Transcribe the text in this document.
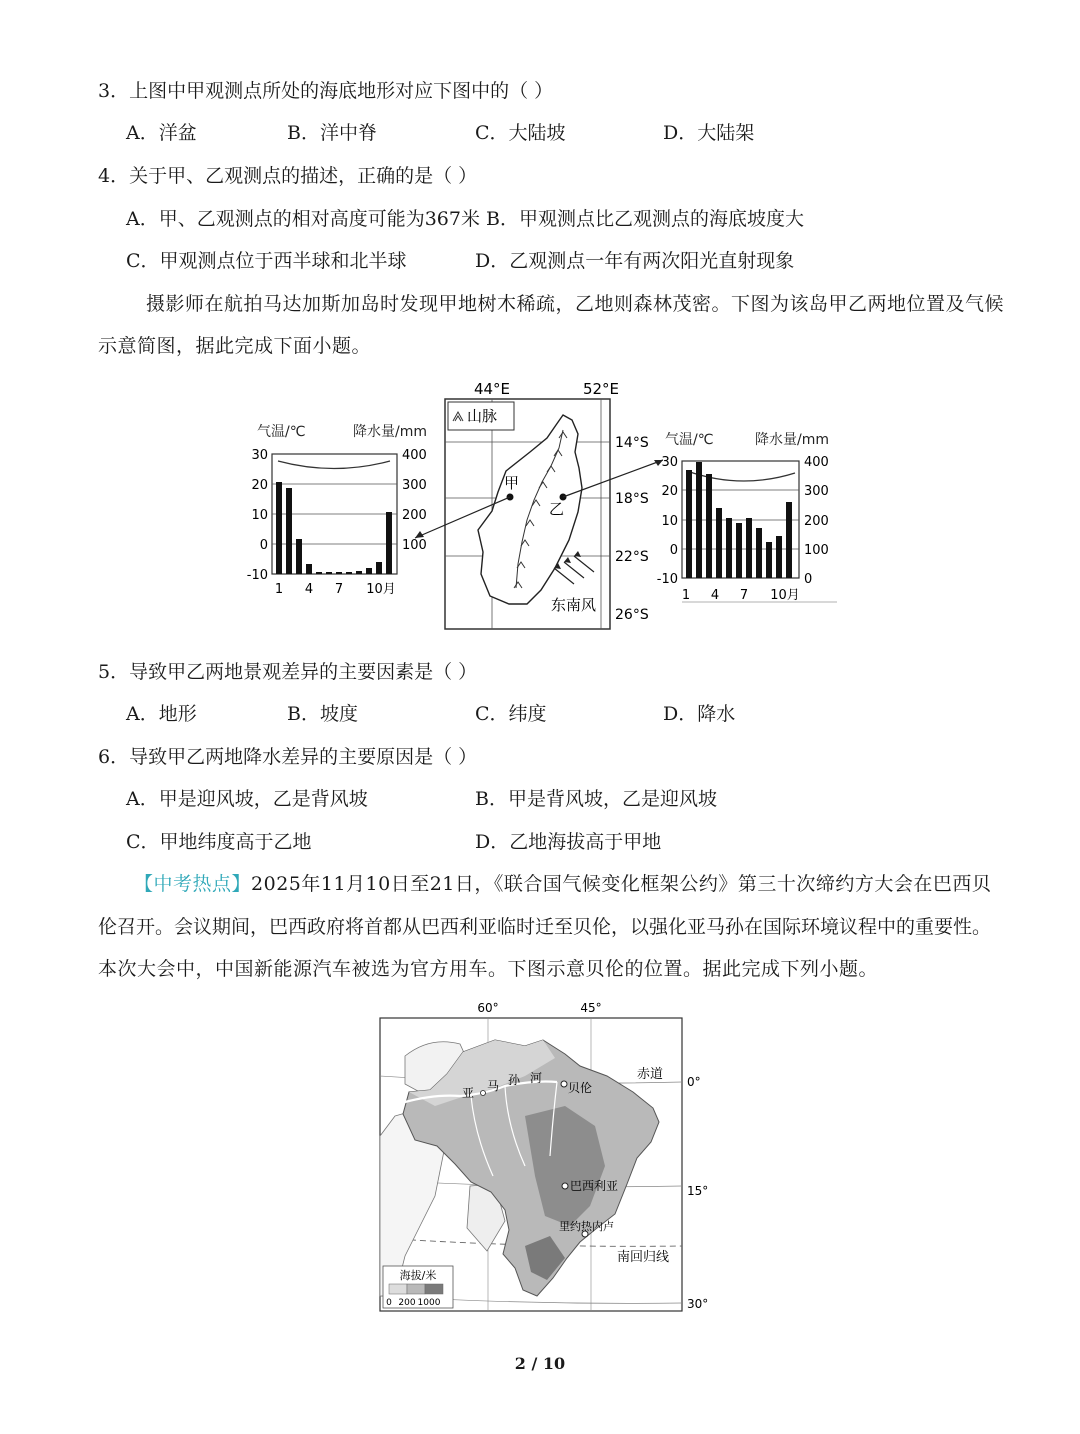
3．上图中甲观测点所处的海底地形对应下图中的（ ）
A．洋盆	B．洋中脊	C．大陆坡	D．大陆架
4．关于甲、乙观测点的描述，正确的是（ ）
A．甲、乙观测点的相对高度可能为367米 B．甲观测点比乙观测点的海底坡度大
C．甲观测点位于西半球和北半球	D．乙观测点一年有两次阳光直射现象
摄影师在航拍马达加斯加岛时发现甲地树木稀疏，乙地则森林茂密。下图为该岛甲乙两地位置及气候
示意简图，据此完成下面小题。
气温/℃	降水量/mm
30
20
10
0
-10
400
300
200
100
1 4 7 10月
44°E	52°E
14°S
18°S
22°S
26°S
山脉
甲
乙
东南风
气温/℃	降水量/mm
30
20
10
0
-10
400
300
200
100
0
1 4 7 10月
5．导致甲乙两地景观差异的主要因素是（ ）
A．地形	B．坡度	C．纬度	D．降水
6．导致甲乙两地降水差异的主要原因是（ ）
A．甲是迎风坡，乙是背风坡	B．甲是背风坡，乙是迎风坡
C．甲地纬度高于乙地	D．乙地海拔高于甲地
【中考热点】2025年11月10日至21日，《联合国气候变化框架公约》第三十次缔约方大会在巴西贝
伦召开。会议期间，巴西政府将首都从巴西利亚临时迁至贝伦，以强化亚马孙在国际环境议程中的重要性。
本次大会中，中国新能源汽车被选为官方用车。下图示意贝伦的位置。据此完成下列小题。
60°	45°
0°
15°
30°
赤道
南回归线
亚 马 孙 河
贝伦
巴西利亚
里约热内卢
海拔/米
0 200 1000
2 / 10
